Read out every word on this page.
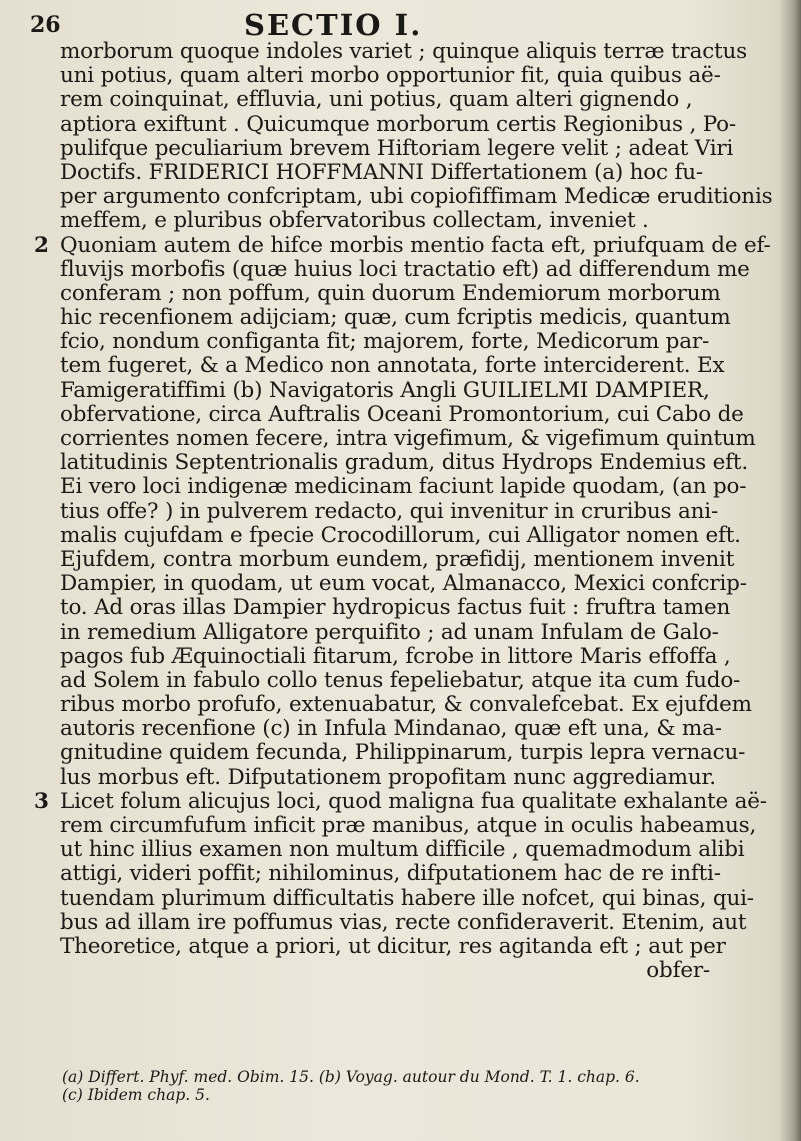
26	SECTIO I.
morborum quoque indoles variet ; quinque aliquis terræ tractus
uni potius, quam alteri morbo opportunior fit, quia quibus aë-
rem coinquinat, effluvia, uni potius, quam alteri gignendo ,
aptiora exiftunt . Quicumque morborum certis Regionibus , Po-
pulifque peculiarium brevem Hiftoriam legere velit ; adeat Viri
Doctifs. FRIDERICI HOFFMANNI Differtationem (a) hoc fu-
per argumento confcriptam, ubi copiofiffimam Medicæ eruditionis
meffem, e pluribus obfervatoribus collectam, inveniet .
2 Quoniam autem de hifce morbis mentio facta eft, priufquam de ef-
fluvijs morbofis (quæ huius loci tractatio eft) ad differendum me
conferam ; non poffum, quin duorum Endemiorum morborum
hic recenfionem adijciam; quæ, cum fcriptis medicis, quantum
fcio, nondum configanta fit; majorem, forte, Medicorum par-
tem fugeret, & a Medico non annotata, forte interciderent. Ex
Famigeratiffimi (b) Navigatoris Angli GUILIELMI DAMPIER,
obfervatione, circa Auftralis Oceani Promontorium, cui Cabo de
corrientes nomen fecere, intra vigefimum, & vigefimum quintum
latitudinis Septentrionalis gradum, ditus Hydrops Endemius eft.
Ei vero loci indigenæ medicinam faciunt lapide quodam, (an po-
tius offe? ) in pulverem redacto, qui invenitur in cruribus ani-
malis cujufdam e fpecie Crocodillorum, cui Alligator nomen eft.
Ejufdem, contra morbum eundem, præfidij, mentionem invenit
Dampier, in quodam, ut eum vocat, Almanacco, Mexici confcrip-
to. Ad oras illas Dampier hydropicus factus fuit : fruftra tamen
in remedium Alligatore perquifito ; ad unam Infulam de Galo-
pagos fub Æquinoctiali fitarum, fcrobe in littore Maris effoffa ,
ad Solem in fabulo collo tenus fepeliebatur, atque ita cum fudo-
ribus morbo profufo, extenuabatur, & convalefcebat. Ex ejufdem
autoris recenfione (c) in Infula Mindanao, quæ eft una, & ma-
gnitudine quidem fecunda, Philippinarum, turpis lepra vernacu-
lus morbus eft. Difputationem propofitam nunc aggrediamur.
3 Licet folum alicujus loci, quod maligna fua qualitate exhalante aë-
rem circumfufum inficit præ manibus, atque in oculis habeamus,
ut hinc illius examen non multum difficile , quemadmodum alibi
attigi, videri poffit; nihilominus, difputationem hac de re infti-
tuendam plurimum difficultatis habere ille nofcet, qui binas, qui-
bus ad illam ire poffumus vias, recte confideraverit. Etenim, aut
Theoretice, atque a priori, ut dicitur, res agitanda eft ; aut per
obfer-
(a) Differt. Phyf. med. Obim. 15. (b) Voyag. autour du Mond. T. 1. chap. 6.
(c) Ibidem chap. 5.
